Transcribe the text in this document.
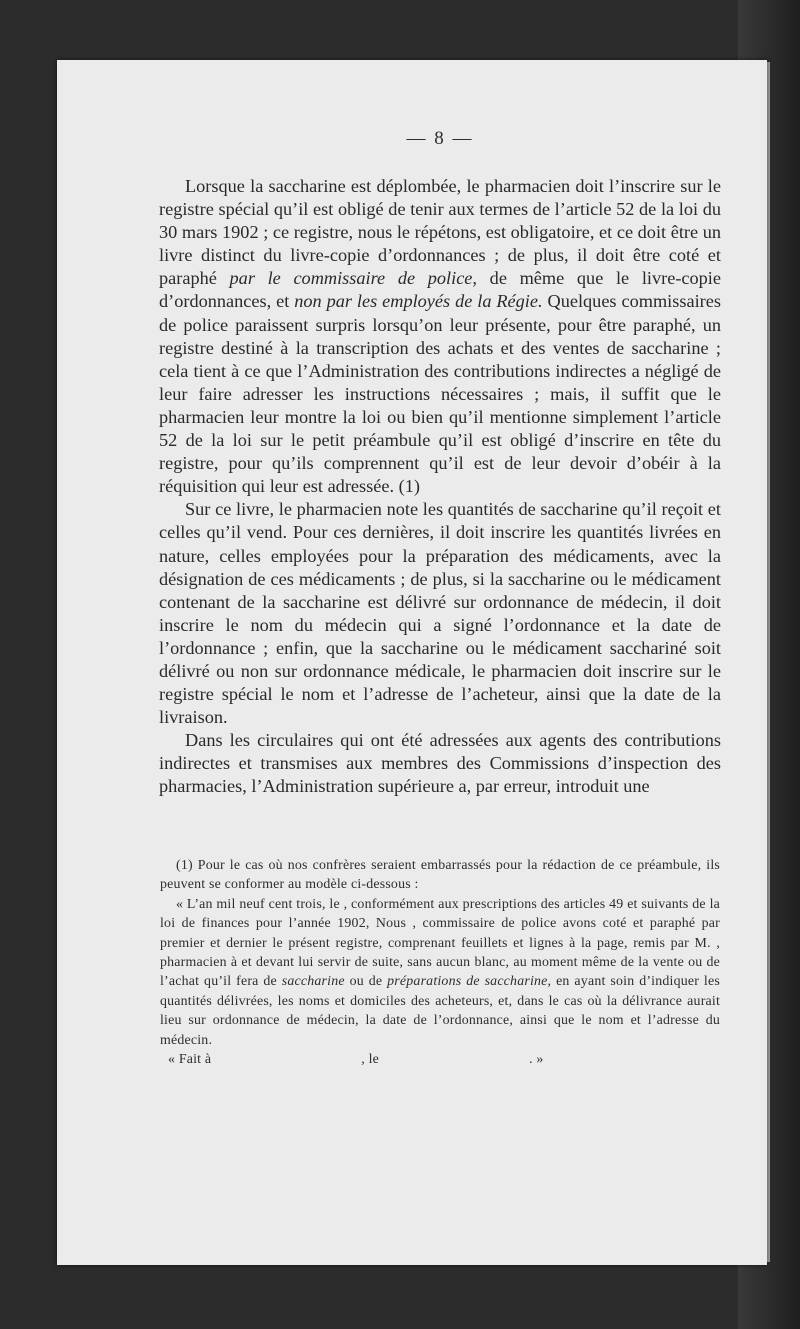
— 8 —

Lorsque la saccharine est déplombée, le pharmacien doit l’inscrire sur le registre spécial qu’il est obligé de tenir aux termes de l’article 52 de la loi du 30 mars 1902 ; ce registre, nous le répétons, est obligatoire, et ce doit être un livre distinct du livre-copie d’ordonnances ; de plus, il doit être coté et paraphé par le commissaire de police, de même que le livre-copie d’ordonnances, et non par les employés de la Régie. Quelques commissaires de police paraissent surpris lorsqu’on leur présente, pour être paraphé, un registre destiné à la transcription des achats et des ventes de saccharine ; cela tient à ce que l’Administration des contributions indirectes a négligé de leur faire adresser les instructions nécessaires ; mais, il suffit que le pharmacien leur montre la loi ou bien qu’il mentionne simplement l’article 52 de la loi sur le petit préambule qu’il est obligé d’inscrire en tête du registre, pour qu’ils comprennent qu’il est de leur devoir d’obéir à la réquisition qui leur est adressée. (1)

Sur ce livre, le pharmacien note les quantités de saccharine qu’il reçoit et celles qu’il vend. Pour ces dernières, il doit inscrire les quantités livrées en nature, celles employées pour la préparation des médicaments, avec la désignation de ces médicaments ; de plus, si la saccharine ou le médicament contenant de la saccharine est délivré sur ordonnance de médecin, il doit inscrire le nom du médecin qui a signé l’ordonnance et la date de l’ordonnance ; enfin, que la saccharine ou le médicament sacchariné soit délivré ou non sur ordonnance médicale, le pharmacien doit inscrire sur le registre spécial le nom et l’adresse de l’acheteur, ainsi que la date de la livraison.

Dans les circulaires qui ont été adressées aux agents des contributions indirectes et transmises aux membres des Commissions d’inspection des pharmacies, l’Administration supérieure a, par erreur, introduit une

(1) Pour le cas où nos confrères seraient embarrassés pour la rédaction de ce préambule, ils peuvent se conformer au modèle ci-dessous :

« L’an mil neuf cent trois, le , conformément aux prescriptions des articles 49 et suivants de la loi de finances pour l’année 1902, Nous , commissaire de police avons coté et paraphé par premier et dernier le présent registre, comprenant feuillets et lignes à la page, remis par M. , pharmacien à et devant lui servir de suite, sans aucun blanc, au moment même de la vente ou de l’achat qu’il fera de saccharine ou de préparations de saccharine, en ayant soin d’indiquer les quantités délivrées, les noms et domiciles des acheteurs, et, dans le cas où la délivrance aurait lieu sur ordonnance de médecin, la date de l’ordonnance, ainsi que le nom et l’adresse du médecin.

« Fait à	, le	. »
